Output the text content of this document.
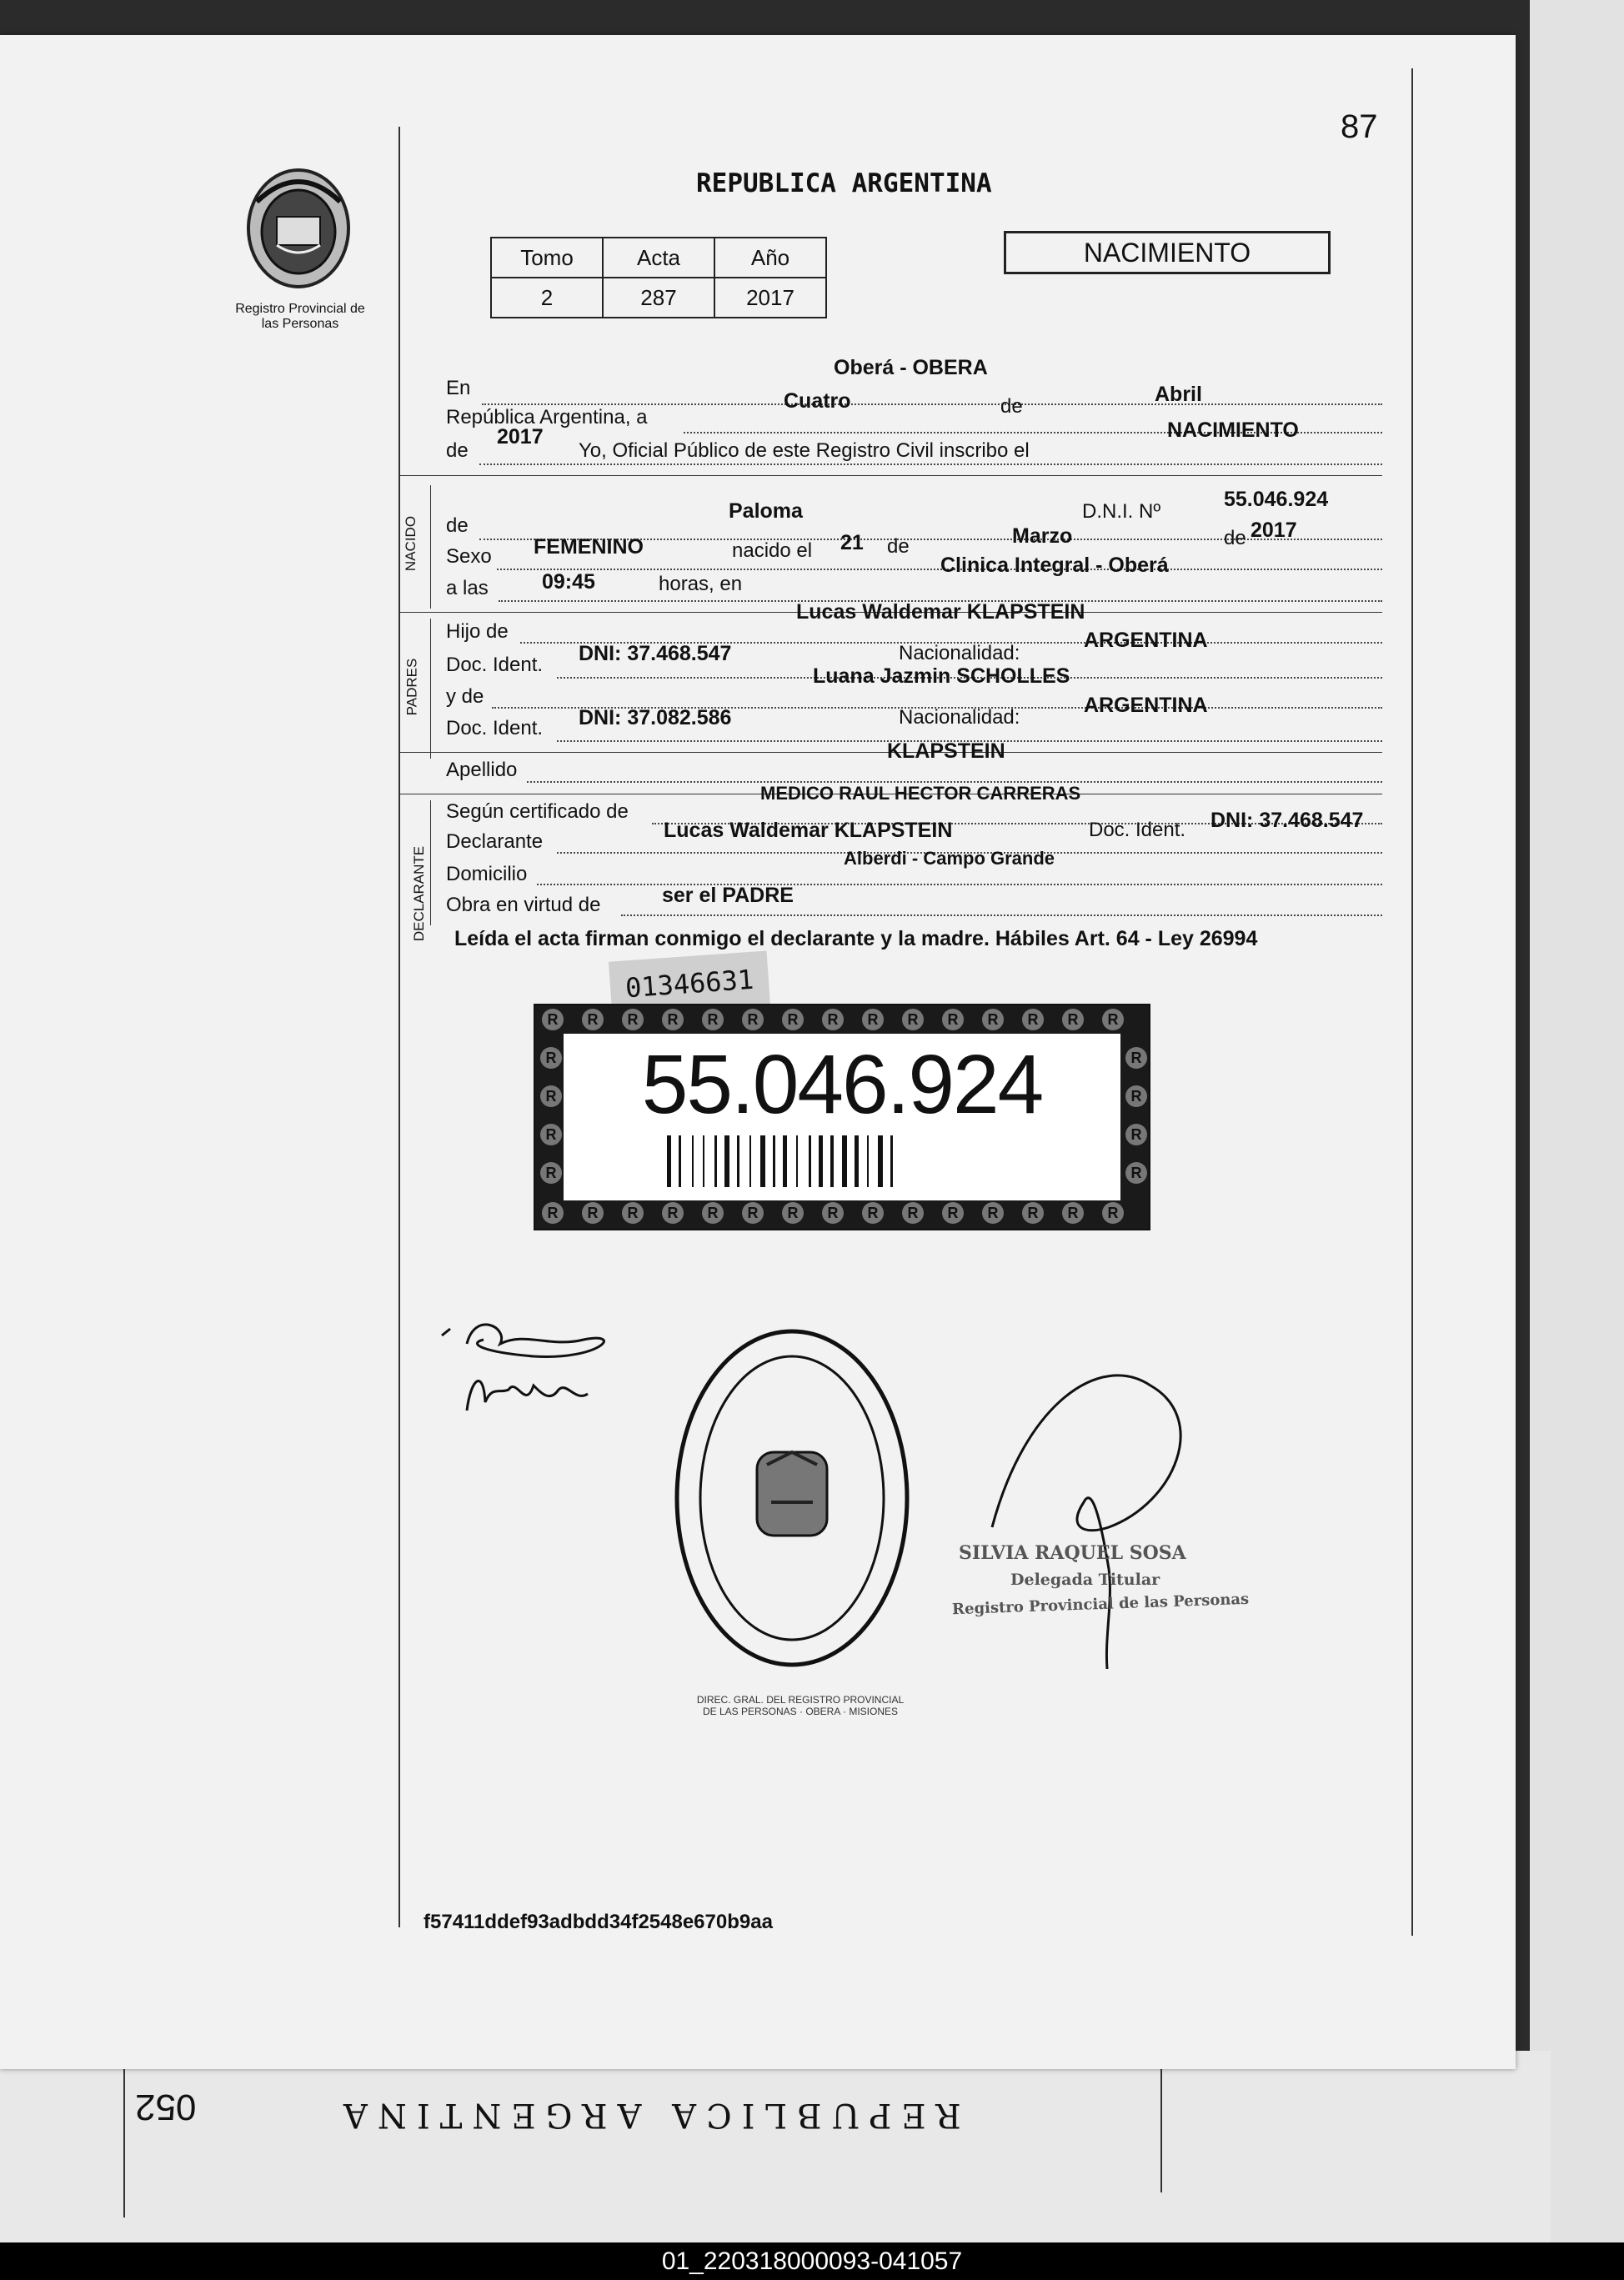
REPUBLICA ARGENTINA
052
87
Registro Provincial de las Personas
REPUBLICA ARGENTINA
Tomo	Acta	Año
2	287	2017
NACIMIENTO
En
Oberá - OBERA
República Argentina, a
Cuatro	de
Abril
de
2017
Yo, Oficial Público de este Registro Civil inscribo el
NACIMIENTO
NACIDO de
Paloma	D.N.I. Nº
55.046.924
Sexo FEMENINO	nacido el 21 de	Marzo	de 2017
a las	09:45	horas, en
Clinica Integral - Oberá
PADRES
Hijo de
Lucas Waldemar KLAPSTEIN
Doc. Ident. DNI: 37.468.547	Nacionalidad:
ARGENTINA
y de
Luana Jazmin SCHOLLES
Doc. Ident. DNI: 37.082.586	Nacionalidad:
ARGENTINA
Apellido
KLAPSTEIN
DECLARANTE
Según certificado de
MEDICO RAUL HECTOR CARRERAS
Declarante	Lucas Waldemar KLAPSTEIN	Doc. Ident. DNI: 37.468.547
Domicilio
Alberdi - Campo Grande
Obra en virtud de	ser el PADRE
Leída el acta firman conmigo el declarante y la madre. Hábiles Art. 64 - Ley 26994
01346631
R
R
R
R
R
R
R
R
R
R
R
R
R
R
R
R
R
R
R
R
R
R
R
R
R
R
R
R
R
R
R	R
R	R
R	R
R	R
55.046.924
DIREC. GRAL. DEL REGISTRO PROVINCIAL DE LAS PERSONAS · OBERA · MISIONES
SILVIA RAQUEL SOSA
Delegada Titular
Registro Provincial de las Personas
f57411ddef93adbdd34f2548e670b9aa
01_220318000093-041057
